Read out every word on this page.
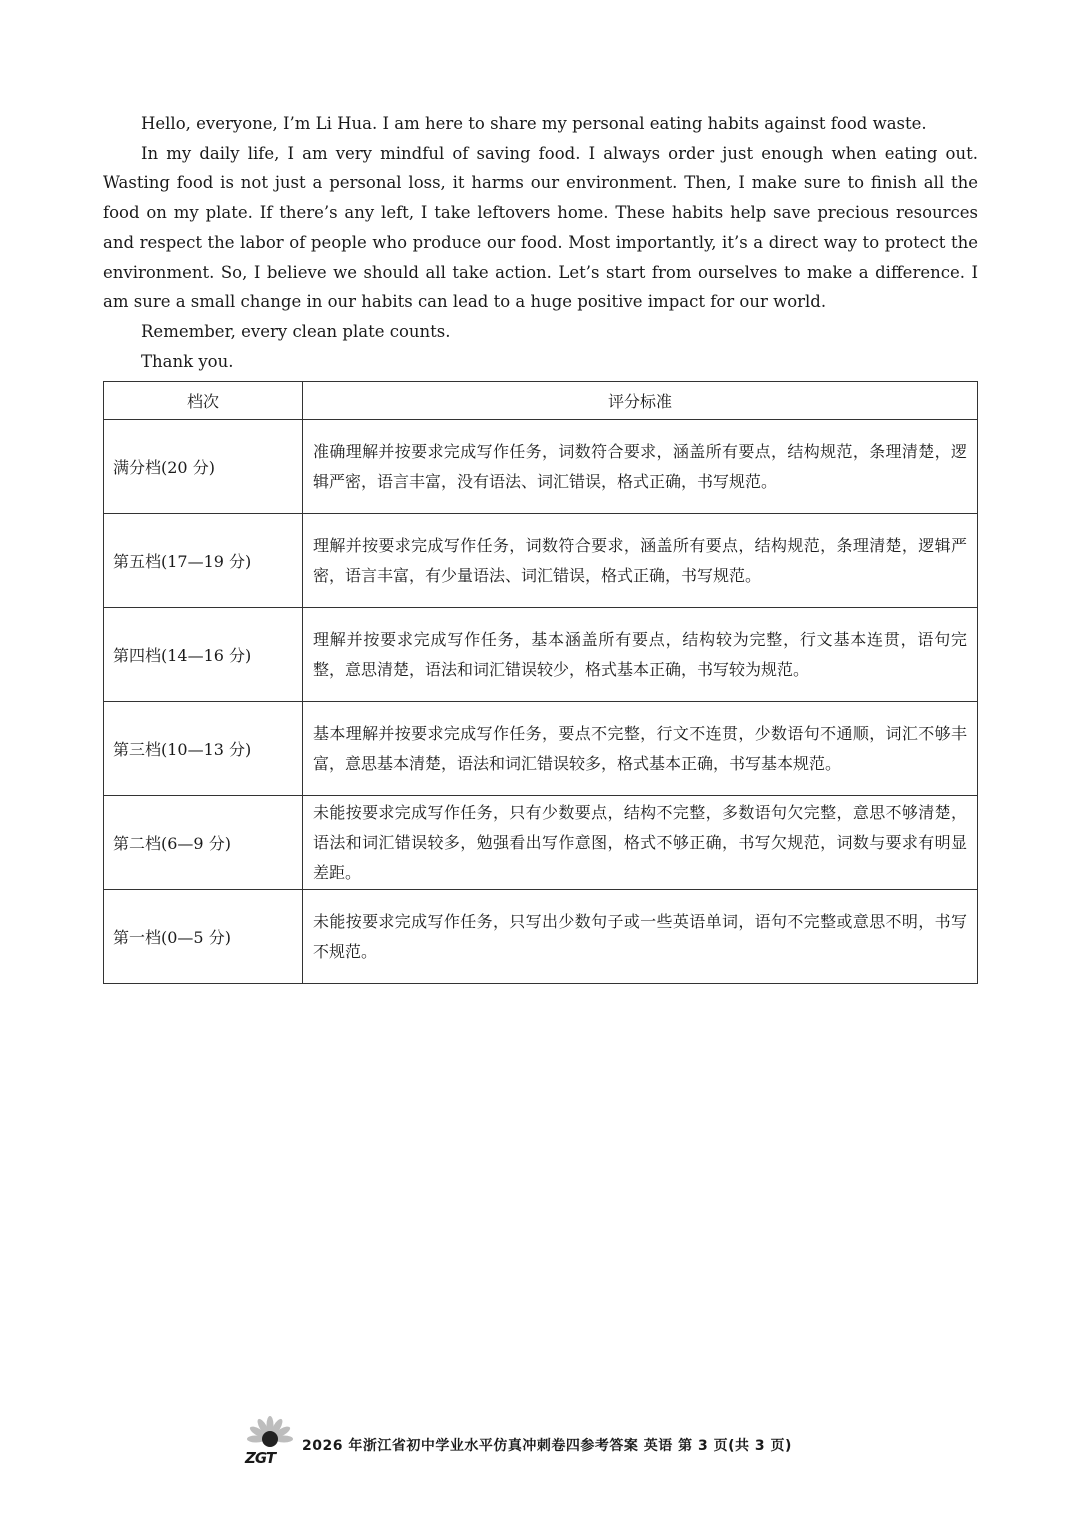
Hello, everyone, I’m Li Hua. I am here to share my personal eating habits against food waste.

In my daily life, I am very mindful of saving food. I always order just enough when eating out. Wasting food is not just a personal loss, it harms our environment. Then, I make sure to finish all the food on my plate. If there’s any left, I take leftovers home. These habits help save precious resources and respect the labor of people who produce our food. Most importantly, it’s a direct way to protect the environment. So, I believe we should all take action. Let’s start from ourselves to make a difference. I am sure a small change in our habits can lead to a huge positive impact for our world.

Remember, every clean plate counts.

Thank you.

档次	评分标准
满分档(20 分)	准确理解并按要求完成写作任务，词数符合要求，涵盖所有要点，结构规范，条理清楚，逻辑严密，语言丰富，没有语法、词汇错误，格式正确，书写规范。
第五档(17—19 分)	理解并按要求完成写作任务，词数符合要求，涵盖所有要点，结构规范，条理清楚，逻辑严密，语言丰富，有少量语法、词汇错误，格式正确，书写规范。
第四档(14—16 分)	理解并按要求完成写作任务，基本涵盖所有要点，结构较为完整，行文基本连贯，语句完整，意思清楚，语法和词汇错误较少，格式基本正确，书写较为规范。
第三档(10—13 分)	基本理解并按要求完成写作任务，要点不完整，行文不连贯，少数语句不通顺，词汇不够丰富，意思基本清楚，语法和词汇错误较多，格式基本正确，书写基本规范。
第二档(6—9 分)	未能按要求完成写作任务，只有少数要点，结构不完整，多数语句欠完整，意思不够清楚，语法和词汇错误较多，勉强看出写作意图，格式不够正确，书写欠规范，词数与要求有明显差距。
第一档(0—5 分)	未能按要求完成写作任务，只写出少数句子或一些英语单词，语句不完整或意思不明，书写不规范。
ZGT
2026 年浙江省初中学业水平仿真冲刺卷四参考答案 英语 第 3 页(共 3 页)
